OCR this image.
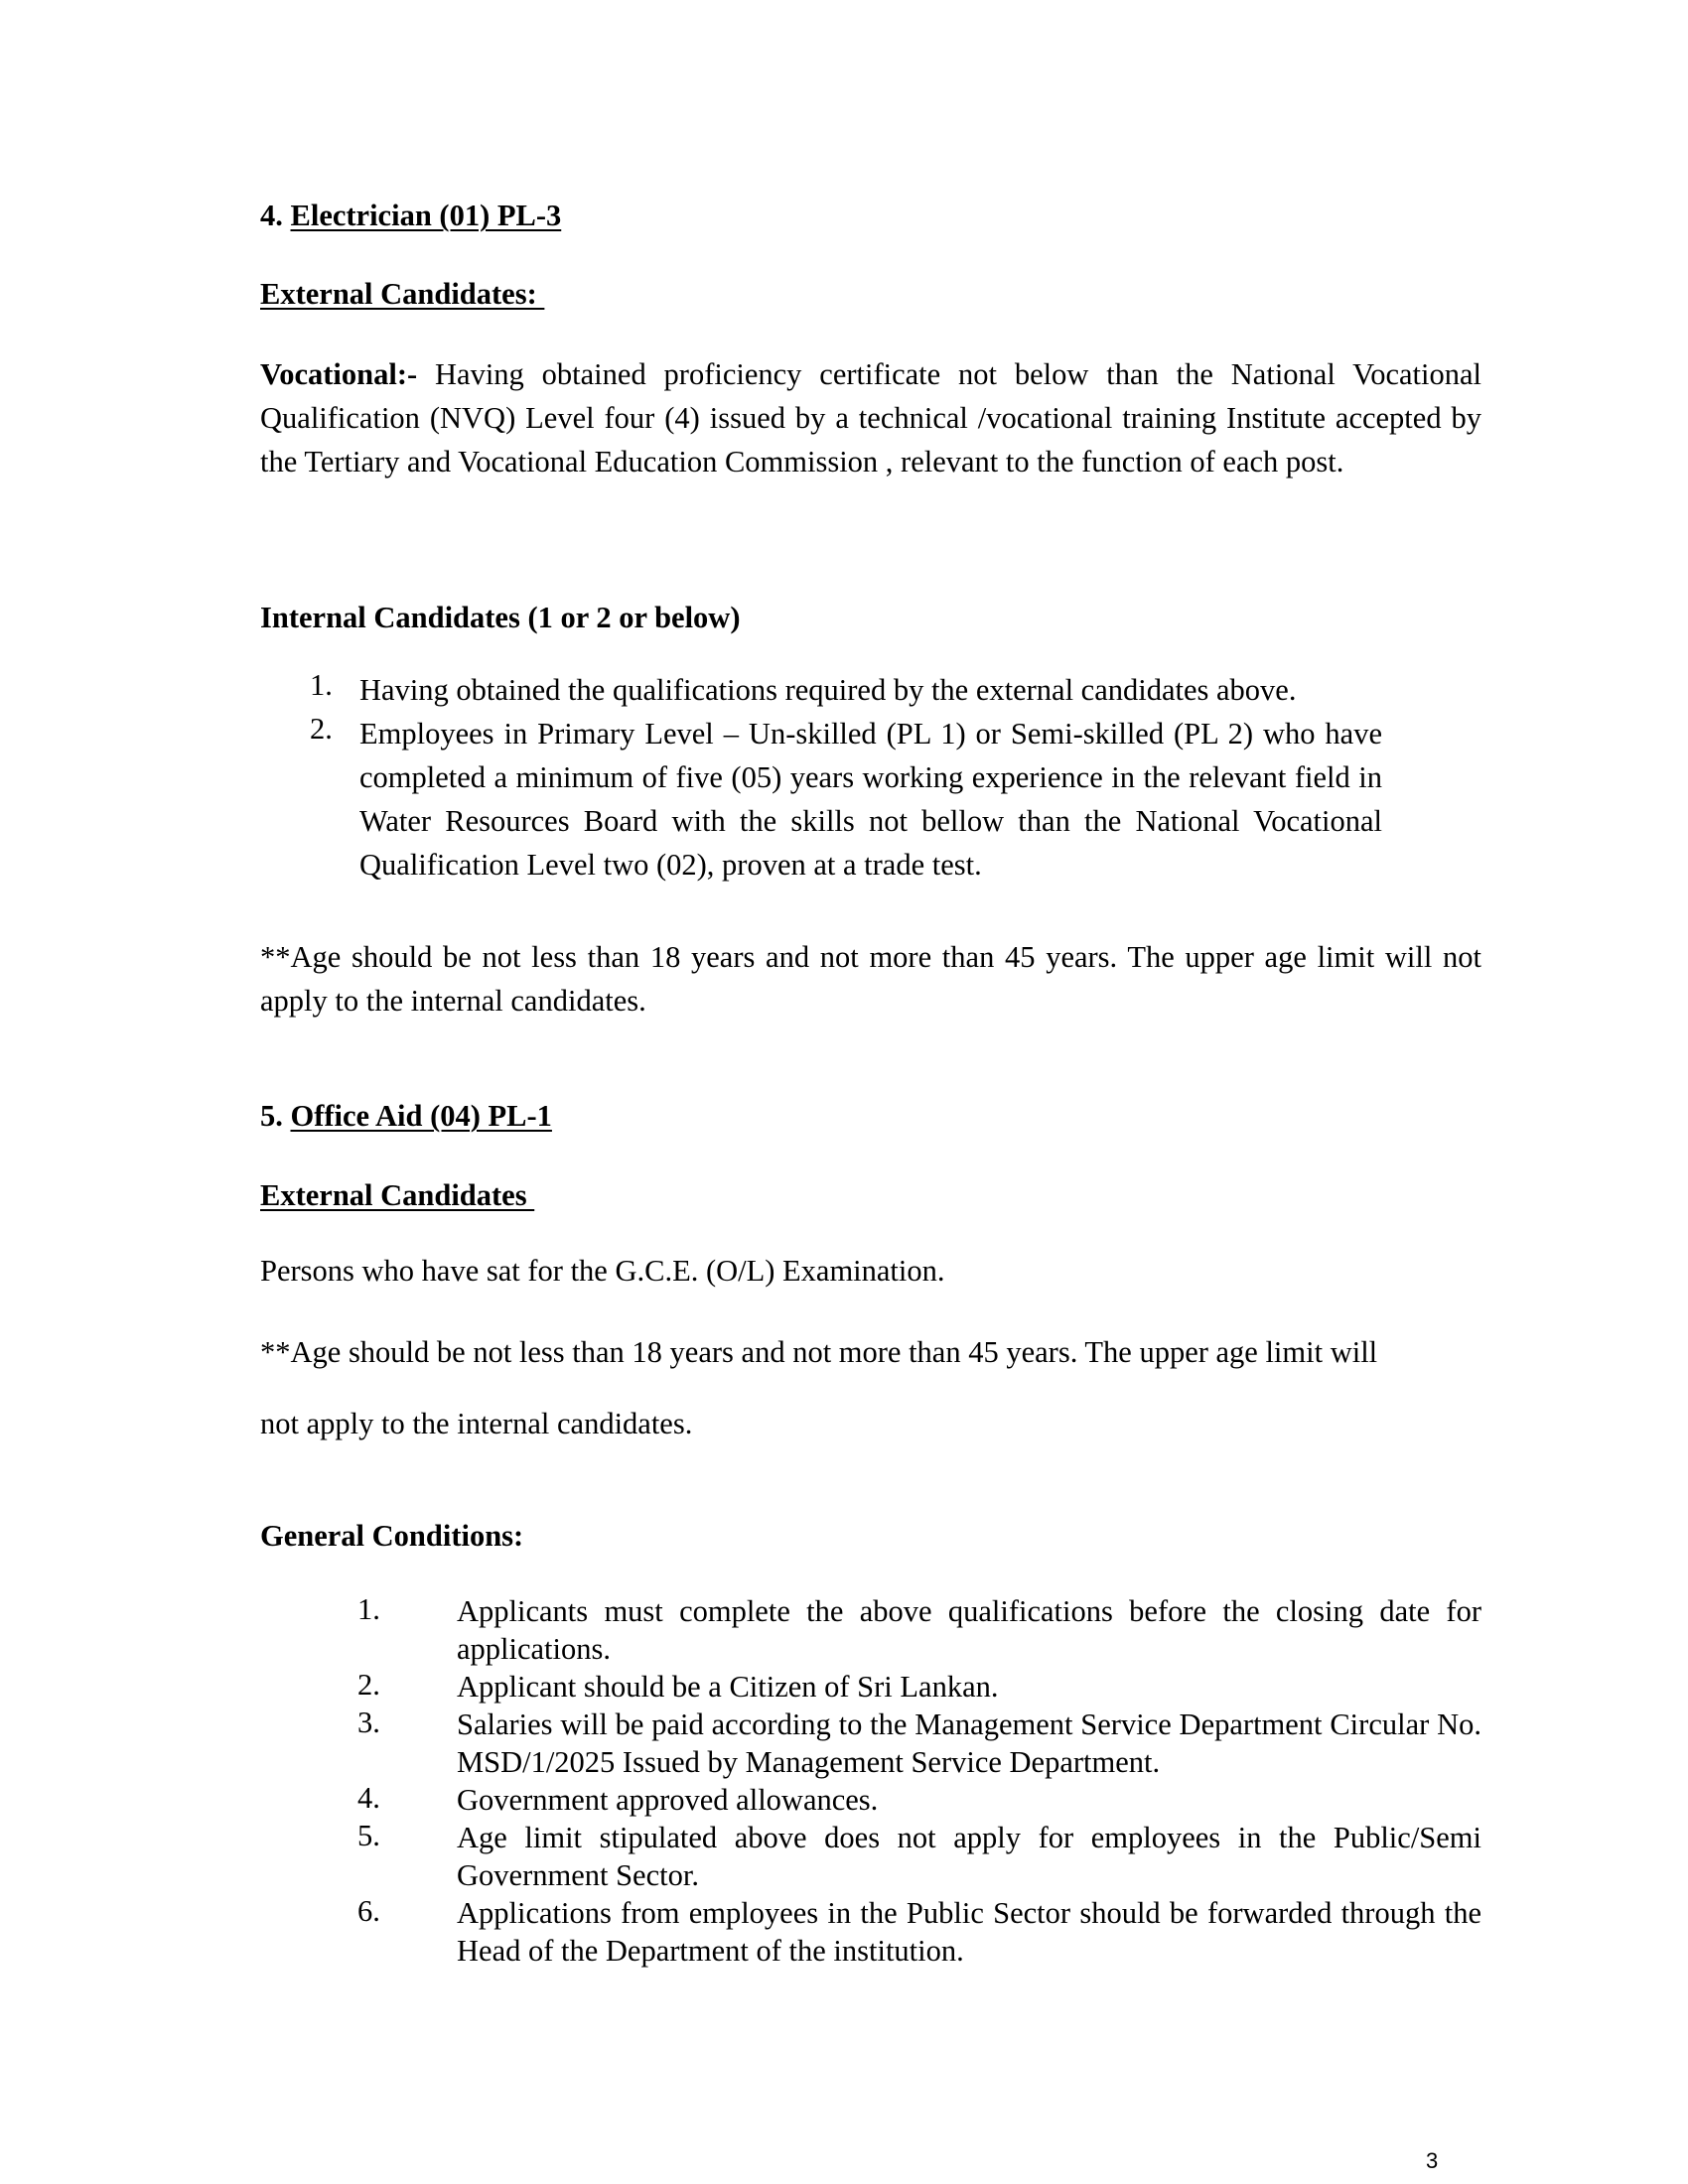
4. Electrician (01) PL-3
External Candidates:
Vocational:- Having obtained proficiency certificate not below than the National Vocational Qualification (NVQ) Level four (4) issued by a technical /vocational training Institute accepted by the Tertiary and Vocational Education Commission , relevant to the function of each post.
Internal Candidates (1 or 2 or below)
1. Having obtained the qualifications required by the external candidates above.
2. Employees in Primary Level – Un-skilled (PL 1) or Semi-skilled (PL 2) who have completed a minimum of five (05) years working experience in the relevant field in Water Resources Board with the skills not bellow than the National Vocational Qualification Level two (02), proven at a trade test.
**Age should be not less than 18 years and not more than 45 years. The upper age limit will not apply to the internal candidates.
5. Office Aid (04) PL-1
External Candidates
Persons who have sat for the G.C.E. (O/L) Examination.
**Age should be not less than 18 years and not more than 45 years. The upper age limit will
not apply to the internal candidates.
General Conditions:
1.	Applicants must complete the above qualifications before the closing date for applications.
2.	Applicant should be a Citizen of Sri Lankan.
3.	Salaries will be paid according to the Management Service Department Circular No. MSD/1/2025 Issued by Management Service Department.
4.	Government approved allowances.
5.	Age limit stipulated above does not apply for employees in the Public/Semi Government Sector.
6.	Applications from employees in the Public Sector should be forwarded through the Head of the Department of the institution.
3
